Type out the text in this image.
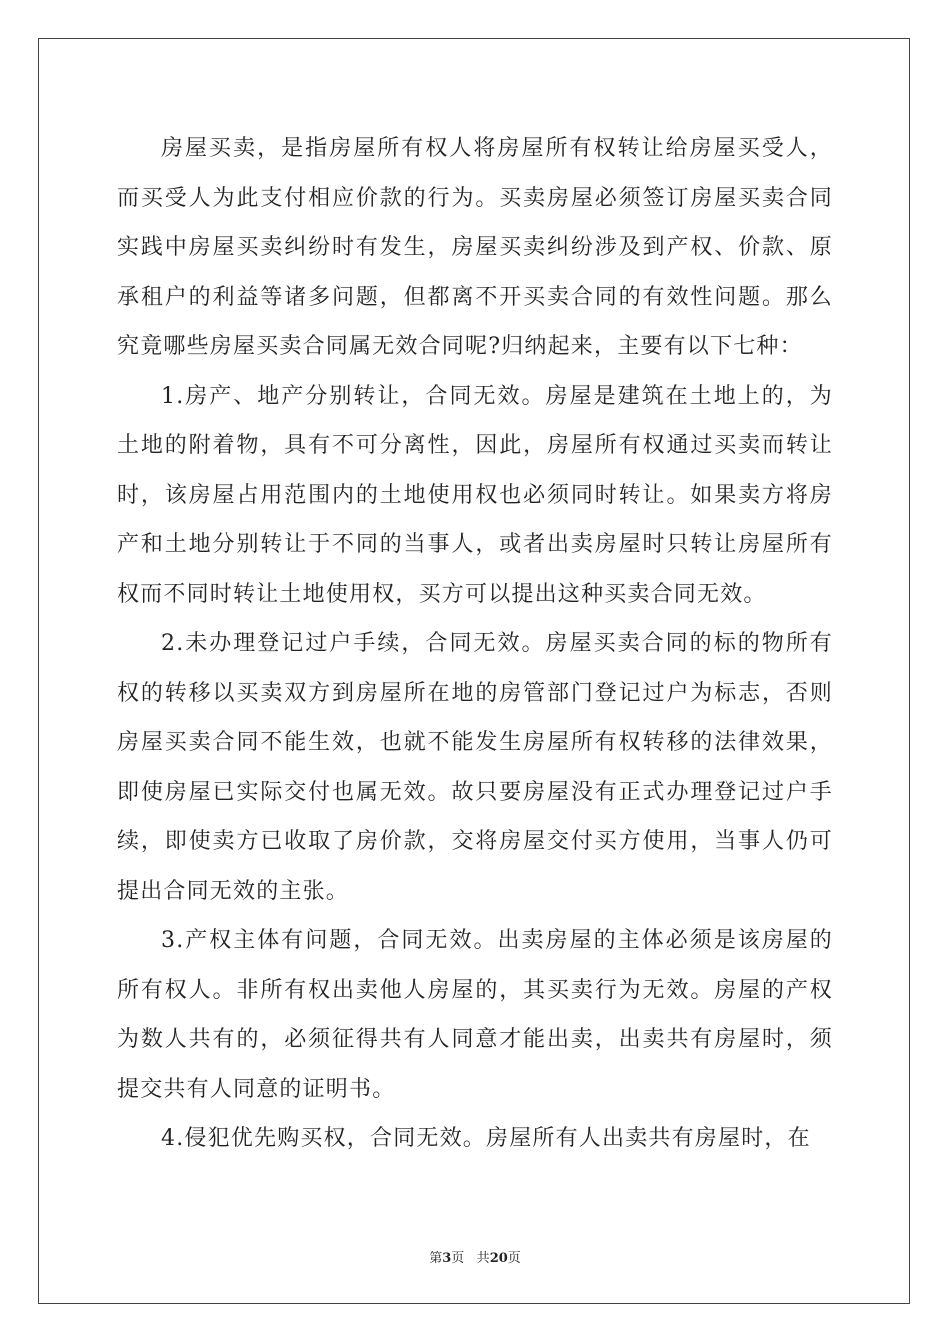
房屋买卖，是指房屋所有权人将房屋所有权转让给房屋买受人，而买受人为此支付相应价款的行为。买卖房屋必须签订房屋买卖合同实践中房屋买卖纠纷时有发生，房屋买卖纠纷涉及到产权、价款、原承租户的利益等诸多问题，但都离不开买卖合同的有效性问题。那么究竟哪些房屋买卖合同属无效合同呢?归纳起来，主要有以下七种：

1.房产、地产分别转让，合同无效。房屋是建筑在土地上的，为土地的附着物，具有不可分离性，因此，房屋所有权通过买卖而转让时，该房屋占用范围内的土地使用权也必须同时转让。如果卖方将房产和土地分别转让于不同的当事人，或者出卖房屋时只转让房屋所有权而不同时转让土地使用权，买方可以提出这种买卖合同无效。

2.未办理登记过户手续，合同无效。房屋买卖合同的标的物所有权的转移以买卖双方到房屋所在地的房管部门登记过户为标志，否则房屋买卖合同不能生效，也就不能发生房屋所有权转移的法律效果，即使房屋已实际交付也属无效。故只要房屋没有正式办理登记过户手续，即使卖方已收取了房价款，交将房屋交付买方使用，当事人仍可提出合同无效的主张。

3.产权主体有问题，合同无效。出卖房屋的主体必须是该房屋的所有权人。非所有权出卖他人房屋的，其买卖行为无效。房屋的产权为数人共有的，必须征得共有人同意才能出卖，出卖共有房屋时，须提交共有人同意的证明书。

4.侵犯优先购买权，合同无效。房屋所有人出卖共有房屋时，在

第3页 共20页
